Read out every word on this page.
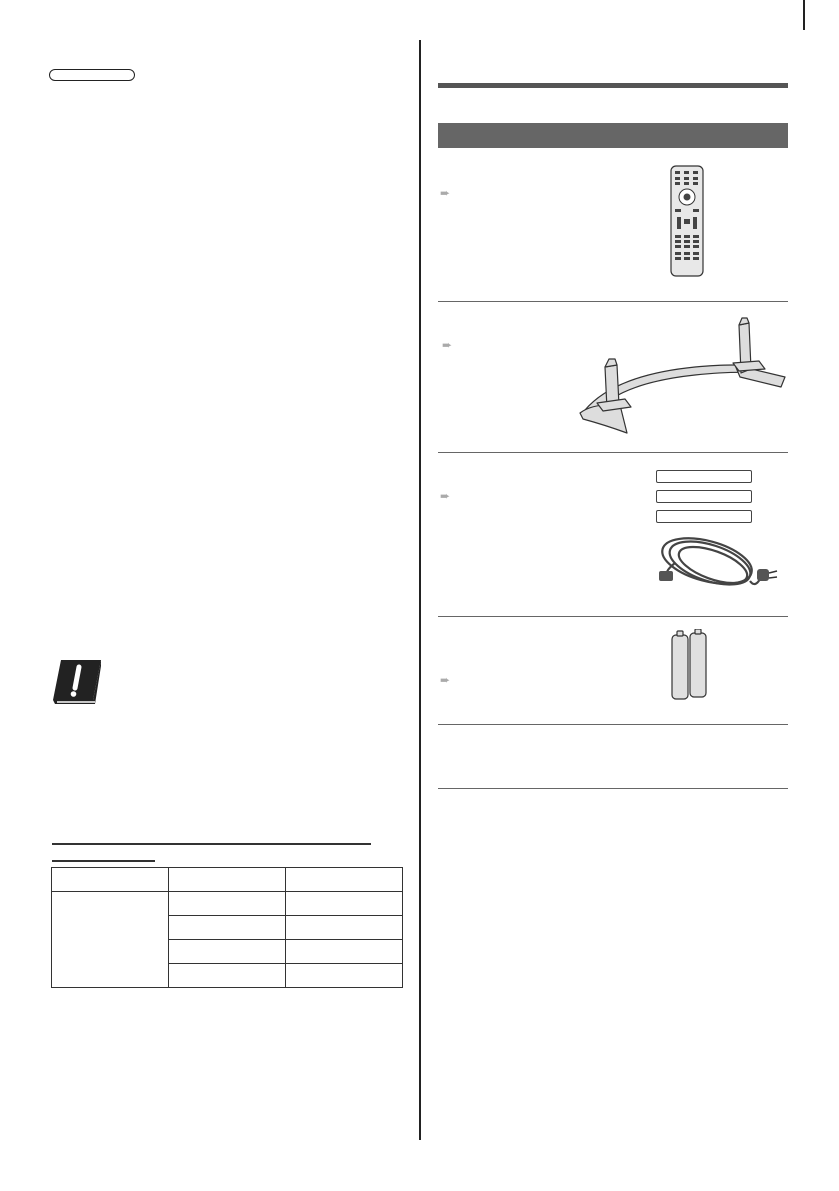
➨
➨
➨
➨
